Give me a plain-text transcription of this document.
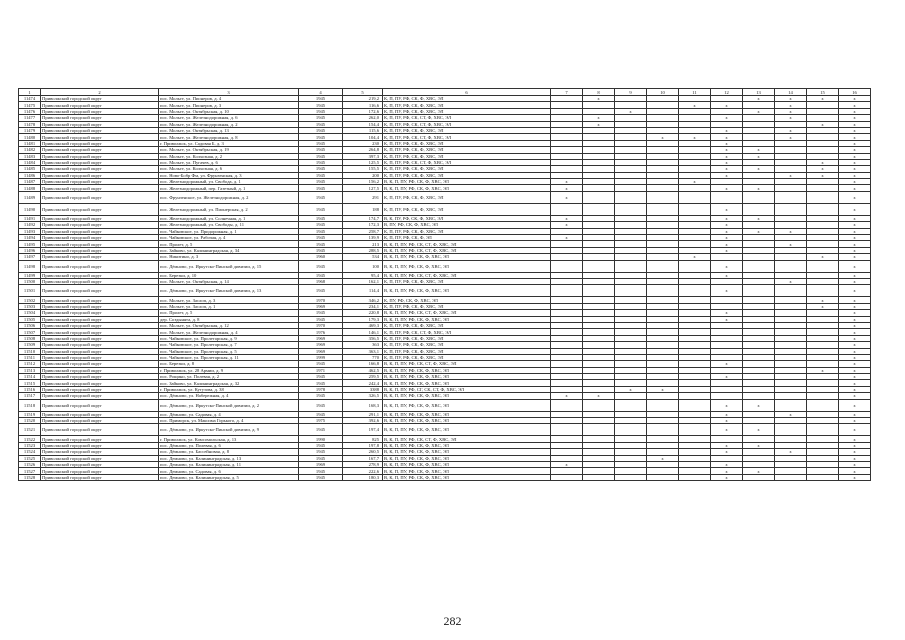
1	2	3	4	5	6	7	8	9	10	11	12	13	14	15	16
11474	Приволжский городской округ	пос. Мольге, ул. Пионеров, д. 4	1945	219,2	К, П, ПУ, РФ, СК, Ф, ХВС, ЭЛ		х					х	х	х	х
11475	Приволжский городской округ	пос. Мольге, ул. Пионеров, д. 3	1945	116,6	К, П, ПУ, РФ, СК, Ф, ХВС, ЭЛ					х	х		х		х
11476	Приволжский городской округ	пос. Мольге, ул. Октябрьская, д. 10	1945	172,6	К, П, ПУ, РФ, СК, Ф, ХВС, ЭЛ			х				х	х		х
11477	Приволжский городской округ	пос. Мольге, ул. Железнодорожная, д. 6	1945	262,0	К, П, ПУ, РФ, СК, СТ, Ф, ХВС, ЭЛ		х				х		х		х
11478	Приволжский городской округ	пос. Мольге, ул. Железнодорожная, д. 2	1945	154,4	К, П, ПУ, РФ, СК, СТ, Ф, ХВС, ЭЛ		х							х	х
11479	Приволжский городской округ	пос. Мольге, ул. Октябрьская, д. 13	1945	115,6	К, П, ПУ, РФ, СК, Ф, ХВС, ЭЛ						х		х		х
11480	Приволжский городской округ	пос. Мольге, ул. Железнодорожная, д. 8	1945	104,4	К, П, ПУ, РФ, СК, СТ, Ф, ХВС, ЭЛ				х	х	х		х		х
11481	Приволжский городской округ	г. Приволжск, ул. Садовая Б, д. 3	1945	230	К, П, ПУ, РФ, СК, Ф, ХВС, ЭЛ						х				х
11482	Приволжский городской округ	пос. Мольге, ул. Октябрьская, д. 19	1945	264,8	К, П, ПУ, РФ, СК, Ф, ХВС, ЭЛ						х	х			х
11483	Приволжский городской округ	пос. Мольге, ул. Колхозная, д. 2	1945	397,3	К, П, ПУ, РФ, СК, Ф, ХВС, ЭЛ						х	х			х
11484	Приволжский городской округ	пос. Мольге, ул. Пугачев, д. 6	1945	125,5	К, П, ПУ, РФ, СК, СТ, Ф, ХВС, ЭЛ						х			х	х
11485	Приволжский городской округ	пос. Мольге, ул. Колхозная, д. 6	1945	155,5	К, П, ПУ, РФ, СК, Ф, ХВС, ЭЛ						х	х		х	х
11486	Приволжский городской округ	пос. Ново-Бобр Фм, ул. Фрунзенская, д. 3	1945	200	К, П, ПУ, РФ, СК, Ф, ХВС, ЭЛ						х		х	х	х
11487	Приволжский городской округ	пос. Железнодорожный, ул. Свобода, д. 1	1945	156,2	В, К, П, ПУ, РФ, СК, Ф, ХВС, ЭЛ	х				х					х
11488	Приволжский городской округ	пос. Железнодорожный, пер. Газетный, д. 1	1945	127,5	В, К, П, ПУ, РФ, СК, Ф, ХВС, ЭЛ	х					х	х			х
11489	Приволжский городской округ	пос. Фрунзенское, ул. Железнодорожная, д. 2	1945	291	К, П, ПУ, РФ, СК, Ф, ХВС, ЭЛ	х									х
11490	Приволжский городской округ	пос. Железнодорожный, ул. Пионерская, д. 2	1945	188	К, П, ПУ, РФ, СК, Ф, ХВС, ЭЛ						х				х
11491	Приволжский городской округ	пос. Железнодорожный, ул. Солнечная, д. 1	1945	174,7	В, К, ПУ, РФ, СК, Ф, ХВС, ЭЛ	х					х	х			х
11492	Приволжский городской округ	пос. Железнодорожный, ул. Свободы, д. 11	1945	172,3	В, ПУ, РФ, СК, Ф, ХВС, ЭЛ	х					х				х
11493	Приволжский городской округ	пос. Чайковское, ул. Придорожная, д. 1	1945	258,7	К, П, ПУ, РФ, СК, Ф, ХВС, ЭЛ						х	х	х		х
11494	Приволжский городской округ	пос. Чайковское, ул. Рабочая, д. 4	1945	139,9	К, П, ПУ, РФ, СК, Ф, ЭЛ	х					х				х
11495	Приволжский городской округ	пос. Пролет, д. 5	1945	213	В, К, П, ПУ, РФ, СК, СТ, Ф, ХВС, ЭЛ						х		х		х
11496	Приволжский городской округ	пос. Зайково, ул. Калининградская, д. 34	1945	288,5	В, К, П, ПУ, РФ, СК, СТ, Ф, ХВС, ЭЛ						х				х
11497	Приволжский городской округ	пос. Никитино, д. 3	1960	534	В, К, П, ПУ, РФ, СК, Ф, ХВС, ЭЛ					х				х	х
11498	Приволжский городской округ	пос. Дёмново, ул. Иркутско-Пинской дивизии, д. 15	1945	100	В, К, П, ПУ, РФ, СК, Ф, ХВС, ЭЛ						х				х
11499	Приволжский городской округ	пос. Березки, д. 10	1945	95,4	В, К, П, ПУ, РФ, СК, СТ, Ф, ХВС, ЭЛ						х				х
11500	Приволжский городской округ	пос. Мольге, ул. Октябрьская, д. 14	1968	162,1	К, П, ПУ, РФ, СК, Ф, ХВС, ЭЛ								х		х
11501	Приволжский городской округ	пос. Дёмново, ул. Иркутско-Пинской дивизии, д. 13	1945	114,4	В, К, П, ПУ, РФ, СК, Ф, ХВС, ЭЛ						х				х
11502	Приволжский городской округ	пос. Мольге, ул. Заслоп, д. 3	1970	346,2	К, ПУ, РФ, СК, Ф, ХВС, ЭЛ									х	х
11503	Приволжский городской округ	пос. Мольге, ул. Заслоп, д. 1	1969	234,1	К, П, ПУ, РФ, СК, Ф, ХВС, ЭЛ									х	х
11504	Приволжский городской округ	пос. Пролет, д. 5	1945	220,8	В, К, П, ПУ, РФ, СК, СТ, Ф, ХВС, ЭЛ						х				х
11505	Приволжский городской округ	дер. Создынята, д. 8	1945	179,3	В, К, П, ПУ, РФ, СК, Ф, ХВС, ЭЛ						х				х
11506	Приволжский городской округ	пос. Мольге, ул. Октябрьская, д. 12	1970	469,3	К, П, ПУ, РФ, СК, Ф, ХВС, ЭЛ										х
11507	Приволжский городской округ	пос. Мольге, ул. Железнодорожная, д. 4	1976	146,1	К, П, ПУ, РФ, СК, СТ, Ф, ХВС, ЭЛ										х
11508	Приволжский городской округ	пос. Чайковское, ул. Пролетарская, д. 9	1969	356,5	К, П, ПУ, РФ, СК, Ф, ХВС, ЭЛ										х
11509	Приволжский городской округ	пос. Чайковское, ул. Пролетарская, д. 7	1969	363	К, П, ПУ, РФ, СК, Ф, ХВС, ЭЛ										х
11510	Приволжский городской округ	пос. Чайковское, ул. Пролетарская, д. 5	1969	363,1	К, П, ПУ, РФ, СК, Ф, ХВС, ЭЛ										х
11511	Приволжский городской округ	пос. Чайковское, ул. Пролетарская, д. 11	1999	770	К, П, ПУ, РФ, СК, Ф, ХВС, ЭЛ										х
11512	Приволжский городской округ	пос. Березки, д. 8	1945	166,8	В, К, П, ПУ, РФ, СК, СТ, Ф, ХВС, ЭЛ						х				х
11513	Приволжский городской округ	г. Приволжск, ул. 28 Армии, д. 9	1971	462,5	В, К, П, ПУ, РФ, СК, Ф, ХВС, ЭЛ									х	х
11514	Приволжский городской округ	пос. Рощино, ул. Полевая, д. 2	1945	259,5	В, К, П, ПУ, РФ, СК, Ф, ХВС, ЭЛ						х				х
11515	Приволжский городской округ	пос. Зайково, ул. Калининградская, д. 32	1945	242,4	В, К, П, ПУ, РФ, СК, Ф, ХВС, ЭЛ										х
11516	Приволжский городской округ	г. Приволжск, ул. Кутузова, д. 38	1978	3388	В, К, П, ПУ, РФ, СГ, СК, СТ, Ф, ХВС, ЭЛ			х	х						х
11517	Приволжский городской округ	пос. Дёмново, ул. Набережная, д. 4	1945	326,5	В, К, П, ПУ, РФ, СК, Ф, ХВС, ЭЛ	х	х								х
11518	Приволжский городской округ	пос. Дёмново, ул. Иркутско-Пинской дивизии, д. 2	1945	168,3	В, К, П, ПУ, РФ, СК, Ф, ХВС, ЭЛ						х	х			х
11519	Приволжский городской округ	пос. Дёмново, ул. Садовая, д. 4	1945	291,1	В, К, П, ПУ, РФ, СК, Ф, ХВС, ЭЛ						х		х		х
11520	Приволжский городской округ	пос. Приморск, ул. Максима Горького, д. 4	1975	392,6	В, К, П, ПУ, РФ, СК, Ф, ХВС, ЭЛ						х				х
11521	Приволжский городской округ	пос. Дёмново, ул. Иркутско-Пинской дивизии, д. 9	1945	197,4	В, К, П, ПУ, РФ, СК, Ф, ХВС, ЭЛ						х	х			х
11522	Приволжский городской округ	г. Приволжск, ул. Комсомольская, д. 13	1990	825	В, К, П, ПУ, РФ, СК, СТ, Ф, ХВС, ЭЛ										х
11523	Приволжский городской округ	пос. Дёмново, ул. Полевая, д. 6	1945	197,8	В, К, П, ПУ, РФ, СК, Ф, ХВС, ЭЛ						х	х			х
11524	Приволжский городской округ	пос. Дёмново, ул. Бассейновая, д. 8	1945	260,5	В, К, П, ПУ, РФ, СК, Ф, ХВС, ЭЛ						х		х		х
11525	Приволжский городской округ	пос. Демново, ул. Калининградская, д. 13	1945	167,7	В, К, П, ПУ, РФ, СК, Ф, ХВС, ЭЛ				х						х
11526	Приволжский городской округ	пос. Демново, ул. Калининградская, д. 11	1969	278,9	В, К, П, ПУ, РФ, СК, Ф, ХВС, ЭЛ	х					х				х
11527	Приволжский городской округ	пос. Демново, ул. Садовая, д. 6	1945	222,6	В, К, П, ПУ, РФ, СК, Ф, ХВС, ЭЛ						х	х			х
11528	Приволжский городской округ	пос. Демново, ул. Калининградская, д. 5	1945	180,3	В, К, П, ПУ, РФ, СК, Ф, ХВС, ЭЛ						х				х
282
